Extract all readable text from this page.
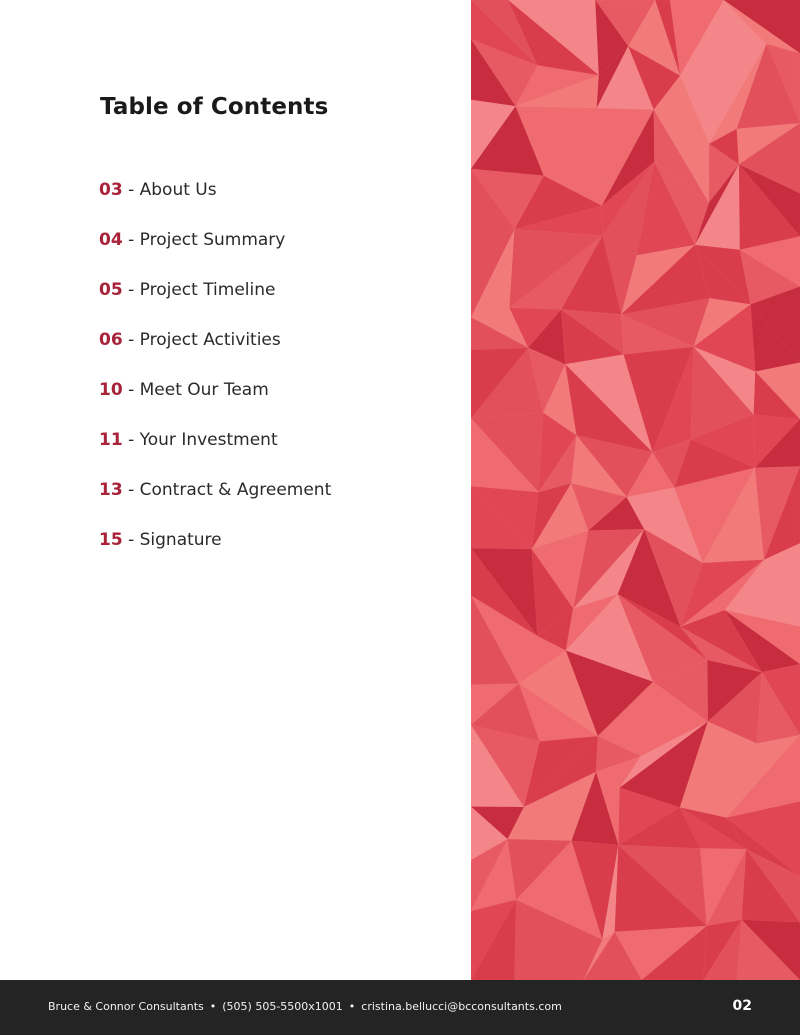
Table of Contents
03 - About Us
04 - Project Summary
05 - Project Timeline
06 - Project Activities
10 - Meet Our Team
11 - Your Investment
13 - Contract & Agreement
15 - Signature
Bruce & Connor Consultants • (505) 505-5500x1001 • cristina.bellucci@bcconsultants.com	02
